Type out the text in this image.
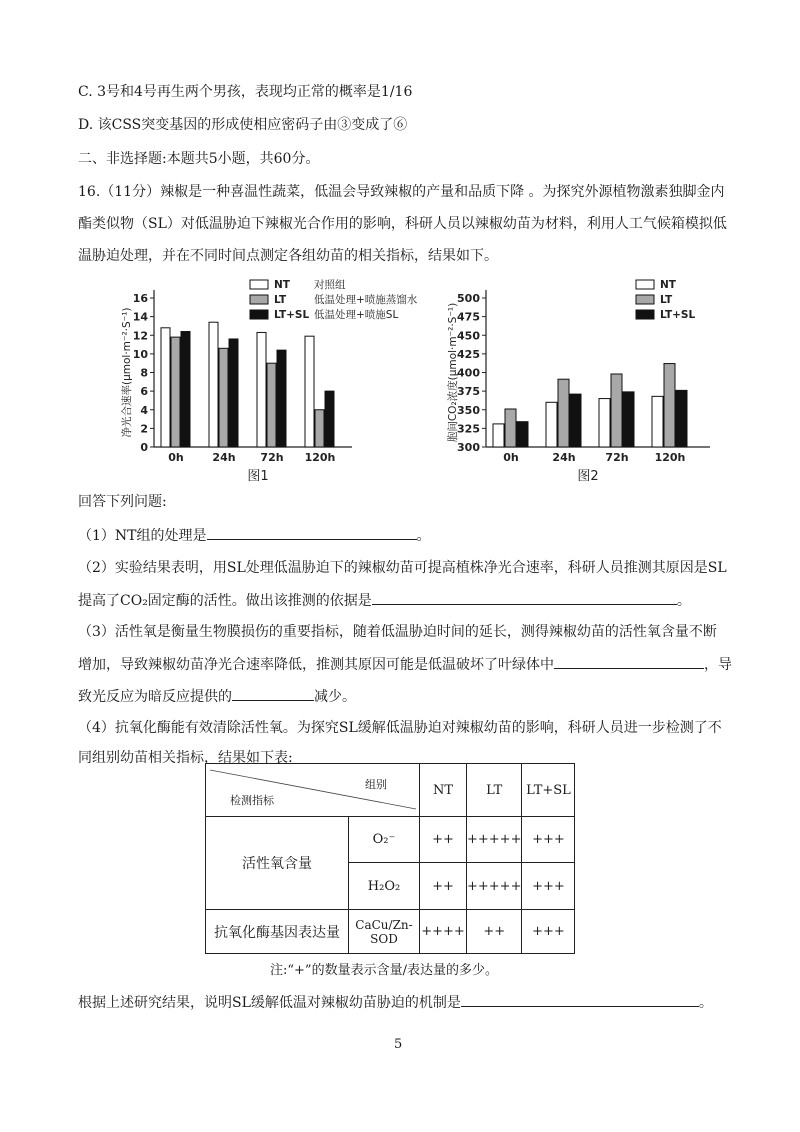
C. 3号和4号再生两个男孩，表现均正常的概率是1/16
D. 该CSS突变基因的形成使相应密码子由③变成了⑥
二、非选择题:本题共5小题，共60分。
16.（11分）辣椒是一种喜温性蔬菜，低温会导致辣椒的产量和品质下降 。为探究外源植物激素独脚金内
酯类似物（SL）对低温胁迫下辣椒光合作用的影响，科研人员以辣椒幼苗为材料，利用人工气候箱模拟低
温胁迫处理，并在不同时间点测定各组幼苗的相关指标，结果如下。
0
2
4
6
8
10
12
14
16
净光合速率(μmol·m⁻²·S⁻¹)
0h	24h 72h 120h
图1
NT 对照组
LT	低温处理+喷施蒸馏水
LT+SL 低温处理+喷施SL
300
325
350
375
400
425
450
475
500
胞间CO₂浓度(μmol·m⁻²·S⁻¹)
0h	24h	72h 120h
图2
NT
LT
LT+SL
回答下列问题:
（1）NT组的处理是	。
（2）实验结果表明，用SL处理低温胁迫下的辣椒幼苗可提高植株净光合速率，科研人员推测其原因是SL
提高了CO₂固定酶的活性。做出该推测的依据是	。
（3）活性氧是衡量生物膜损伤的重要指标，随着低温胁迫时间的延长，测得辣椒幼苗的活性氧含量不断
增加，导致辣椒幼苗净光合速率降低，推测其原因可能是低温破坏了叶绿体中	，导
致光反应为暗反应提供的	减少。
（4）抗氧化酶能有效清除活性氧。为探究SL缓解低温胁迫对辣椒幼苗的影响，科研人员进一步检测了不
同组别幼苗相关指标，结果如下表:
组别
检测指标		NT	LT	LT+SL
活性氧含量	O₂⁻	++	+++++	+++
	H₂O₂	++	+++++	+++
抗氧化酶基因表达量	CaCu/Zn- SOD	++++	++	+++
注:“+”的数量表示含量/表达量的多少。
根据上述研究结果，说明SL缓解低温对辣椒幼苗胁迫的机制是	。
5
